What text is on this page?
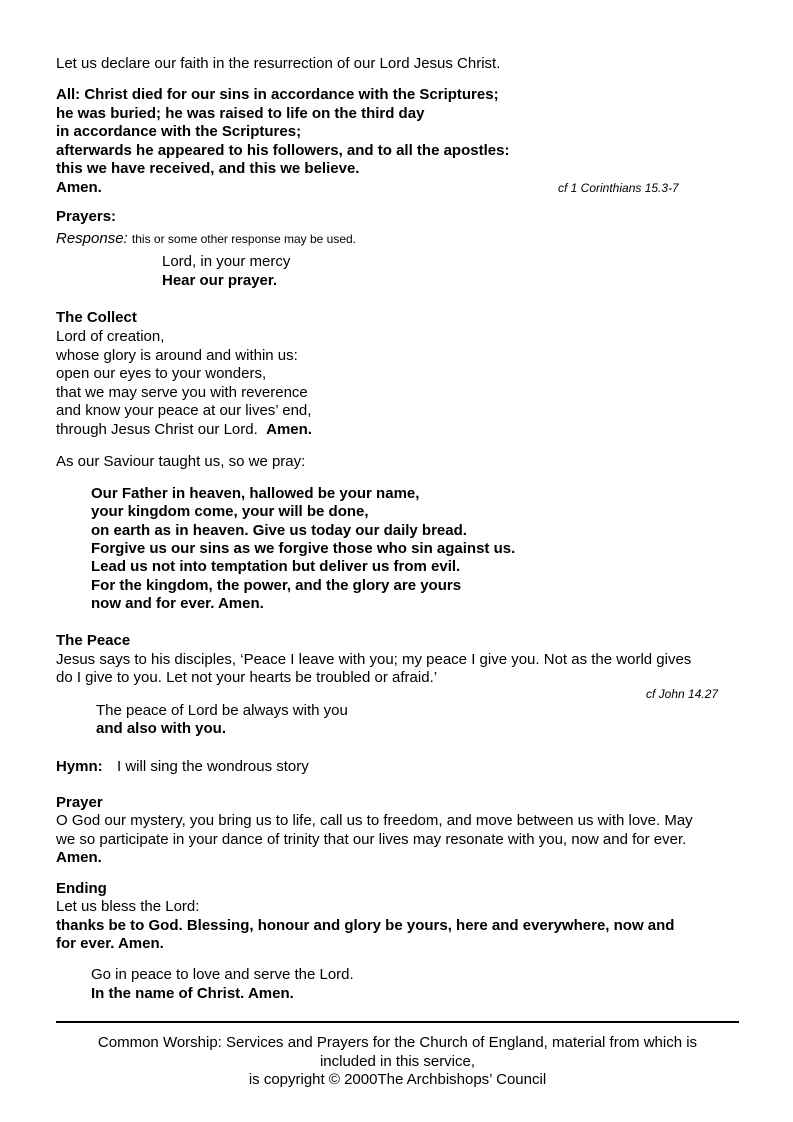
Let us declare our faith in the resurrection of our Lord Jesus Christ.
All: Christ died for our sins in accordance with the Scriptures;
he was buried; he was raised to life on the third day
in accordance with the Scriptures;
afterwards he appeared to his followers, and to all the apostles:
this we have received, and this we believe.
Amen.	cf 1 Corinthians 15.3-7
Prayers:
Response: this or some other response may be used.
Lord, in your mercy
Hear our prayer.
The Collect
Lord of creation,
whose glory is around and within us:
open our eyes to your wonders,
that we may serve you with reverence
and know your peace at our lives’ end,
through Jesus Christ our Lord. Amen.
As our Saviour taught us, so we pray:
Our Father in heaven, hallowed be your name,
your kingdom come, your will be done,
on earth as in heaven. Give us today our daily bread.
Forgive us our sins as we forgive those who sin against us.
Lead us not into temptation but deliver us from evil.
For the kingdom, the power, and the glory are yours
now and for ever. Amen.
The Peace
Jesus says to his disciples, ‘Peace I leave with you; my peace I give you. Not as the world gives
do I give to you. Let not your hearts be troubled or afraid.’
cf John 14.27
The peace of Lord be always with you
and also with you.
Hymn: I will sing the wondrous story
Prayer
O God our mystery, you bring us to life, call us to freedom, and move between us with love. May
we so participate in your dance of trinity that our lives may resonate with you, now and for ever.
Amen.
Ending
Let us bless the Lord:
thanks be to God. Blessing, honour and glory be yours, here and everywhere, now and
for ever. Amen.
Go in peace to love and serve the Lord.
In the name of Christ. Amen.
Common Worship: Services and Prayers for the Church of England, material from which is
included in this service,
is copyright © 2000The Archbishops’ Council
